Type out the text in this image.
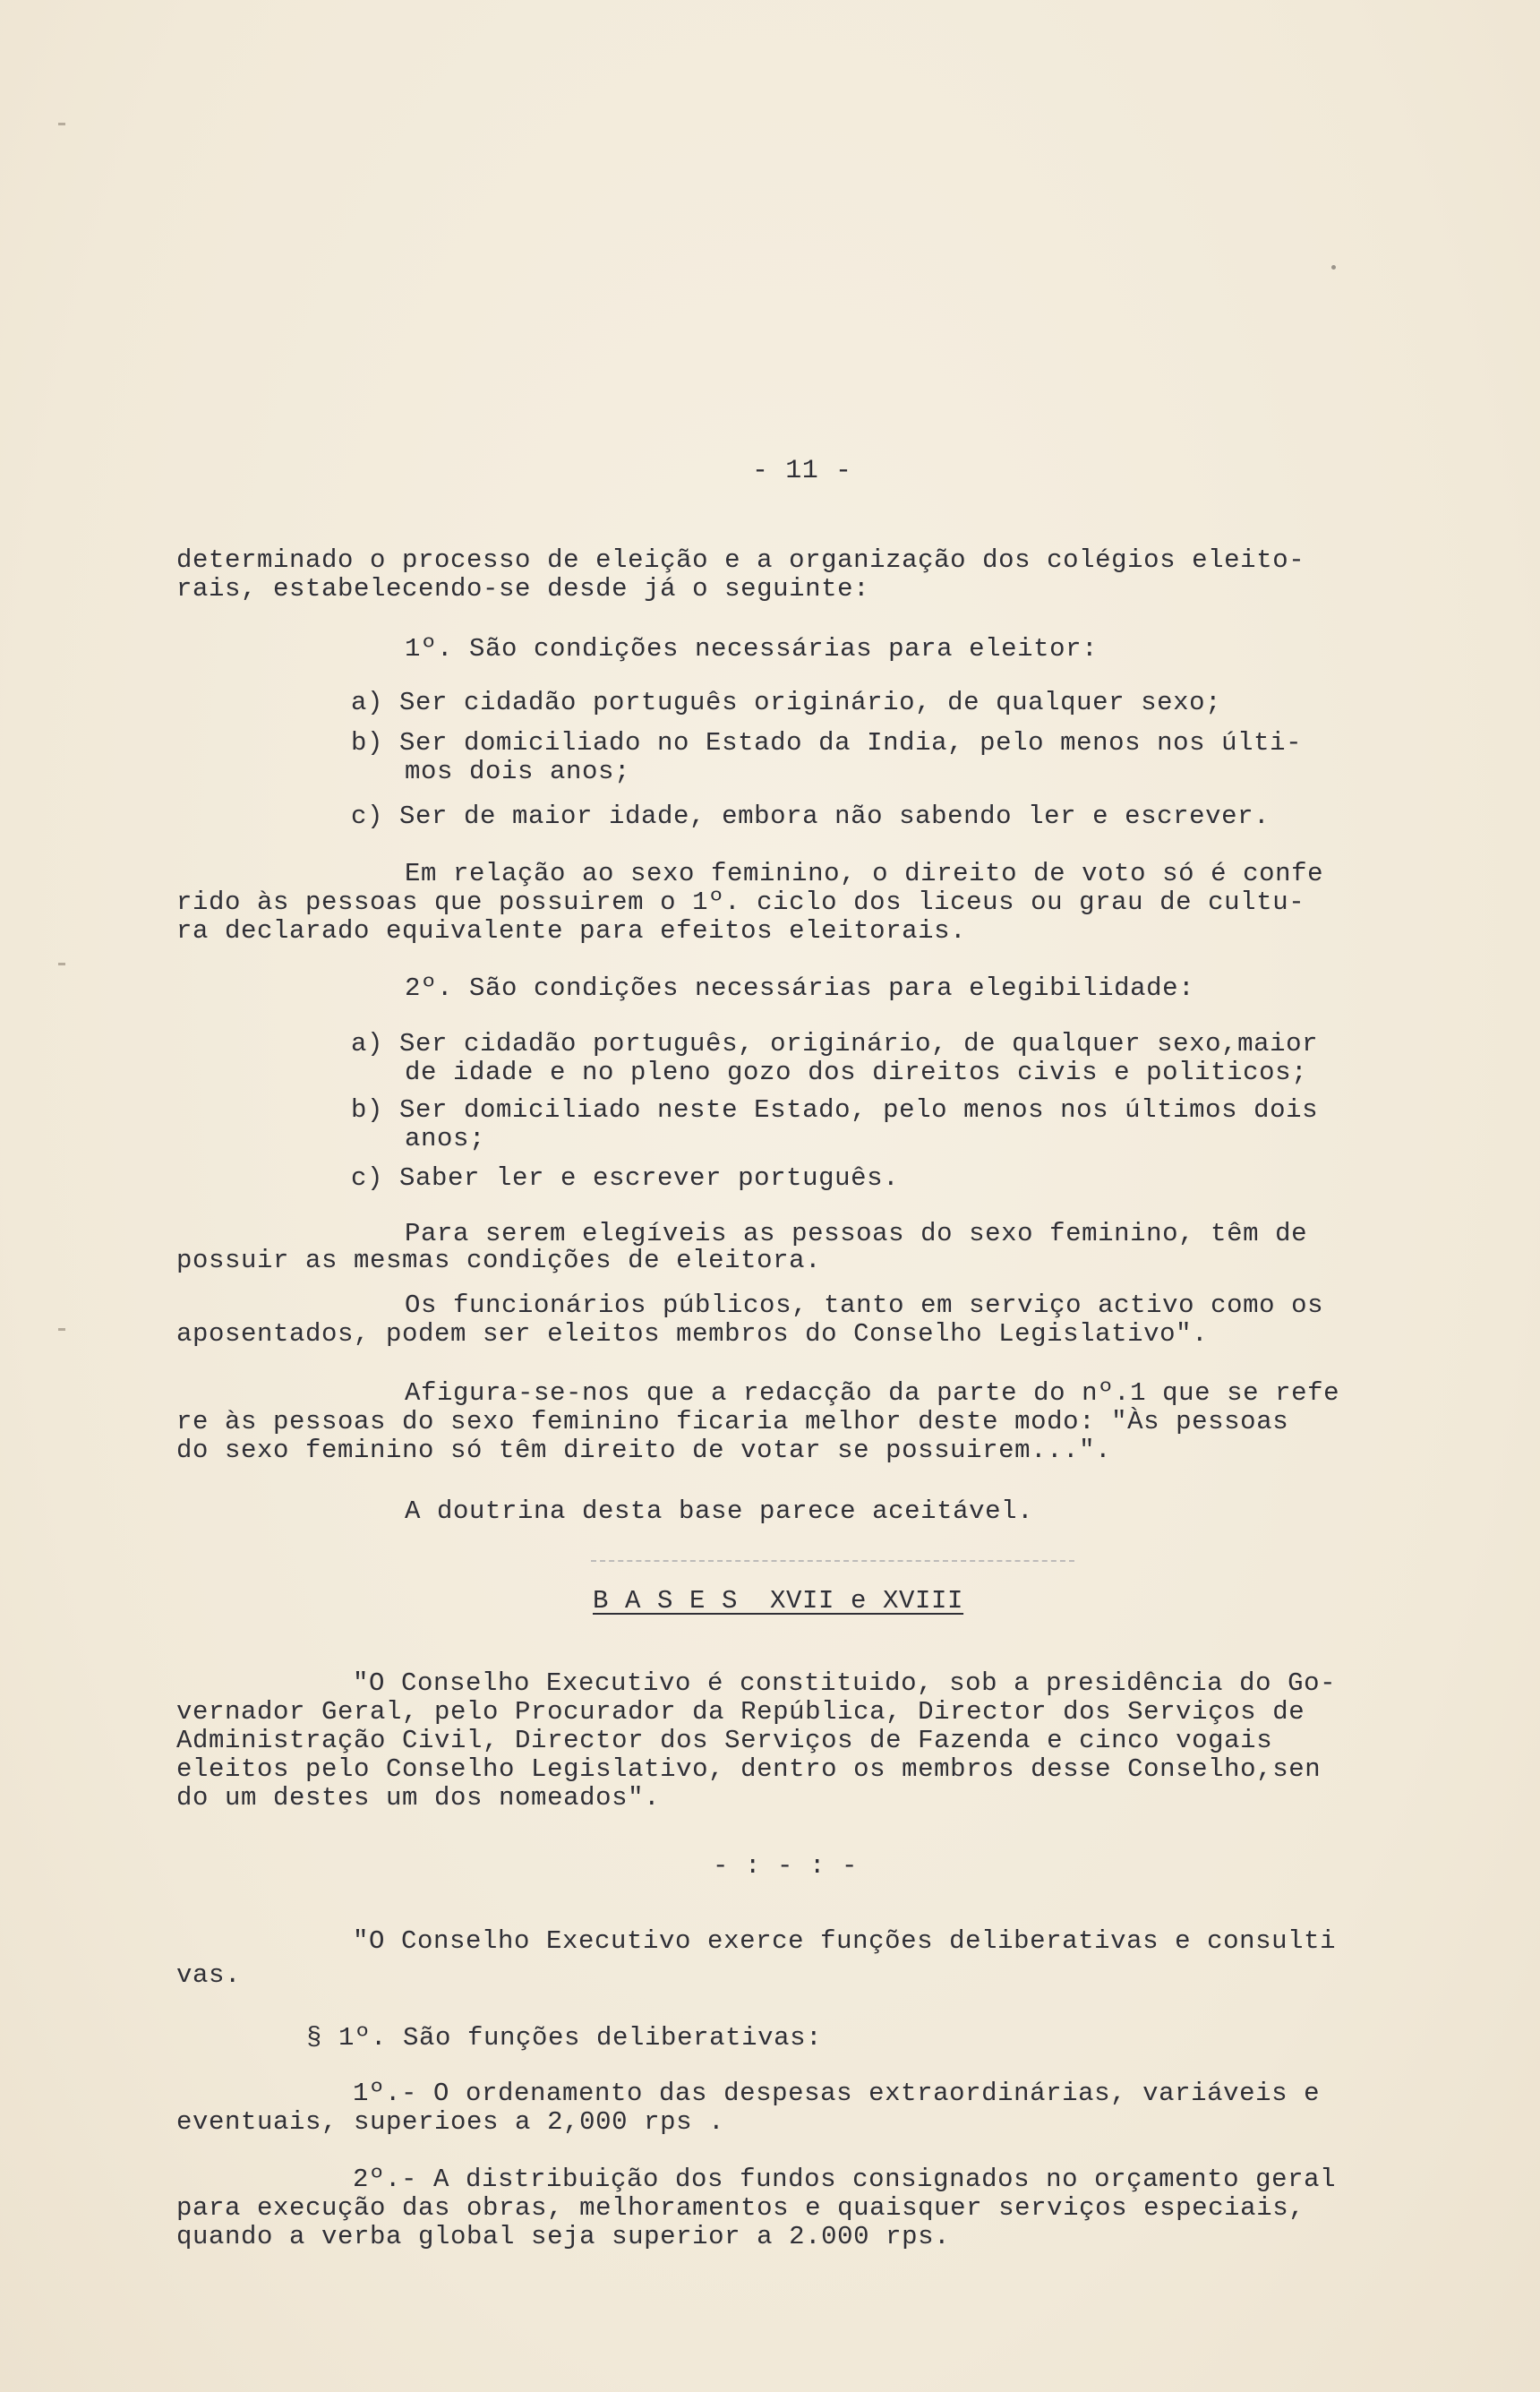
- 11 -
determinado o processo de eleição e a organização dos colégios eleito-
rais, estabelecendo-se desde já o seguinte:
1º. São condições necessárias para eleitor:
a) Ser cidadão português originário, de qualquer sexo;
b) Ser domiciliado no Estado da India, pelo menos nos últi-
mos dois anos;
c) Ser de maior idade, embora não sabendo ler e escrever.
Em relação ao sexo feminino, o direito de voto só é confe
rido às pessoas que possuirem o 1º. ciclo dos liceus ou grau de cultu-
ra declarado equivalente para efeitos eleitorais.
2º. São condições necessárias para elegibilidade:
a) Ser cidadão português, originário, de qualquer sexo,maior
de idade e no pleno gozo dos direitos civis e politicos;
b) Ser domiciliado neste Estado, pelo menos nos últimos dois
anos;
c) Saber ler e escrever português.
Para serem elegíveis as pessoas do sexo feminino, têm de
possuir as mesmas condições de eleitora.
Os funcionários públicos, tanto em serviço activo como os
aposentados, podem ser eleitos membros do Conselho Legislativo".
Afigura-se-nos que a redacção da parte do nº.1 que se refe
re às pessoas do sexo feminino ficaria melhor deste modo: "Às pessoas
do sexo feminino só têm direito de votar se possuirem...".
A doutrina desta base parece aceitável.
B A S E S  XVII e XVIII
"O Conselho Executivo é constituido, sob a presidência do Go-
vernador Geral, pelo Procurador da República, Director dos Serviços de
Administração Civil, Director dos Serviços de Fazenda e cinco vogais
eleitos pelo Conselho Legislativo, dentro os membros desse Conselho,sen
do um destes um dos nomeados".
- : - : -
"O Conselho Executivo exerce funções deliberativas e consulti
vas.
§ 1º. São funções deliberativas:
1º.- O ordenamento das despesas extraordinárias, variáveis e
eventuais, superioes a 2,000 rps .
2º.- A distribuição dos fundos consignados no orçamento geral
para execução das obras, melhoramentos e quaisquer serviços especiais,
quando a verba global seja superior a 2.000 rps.
